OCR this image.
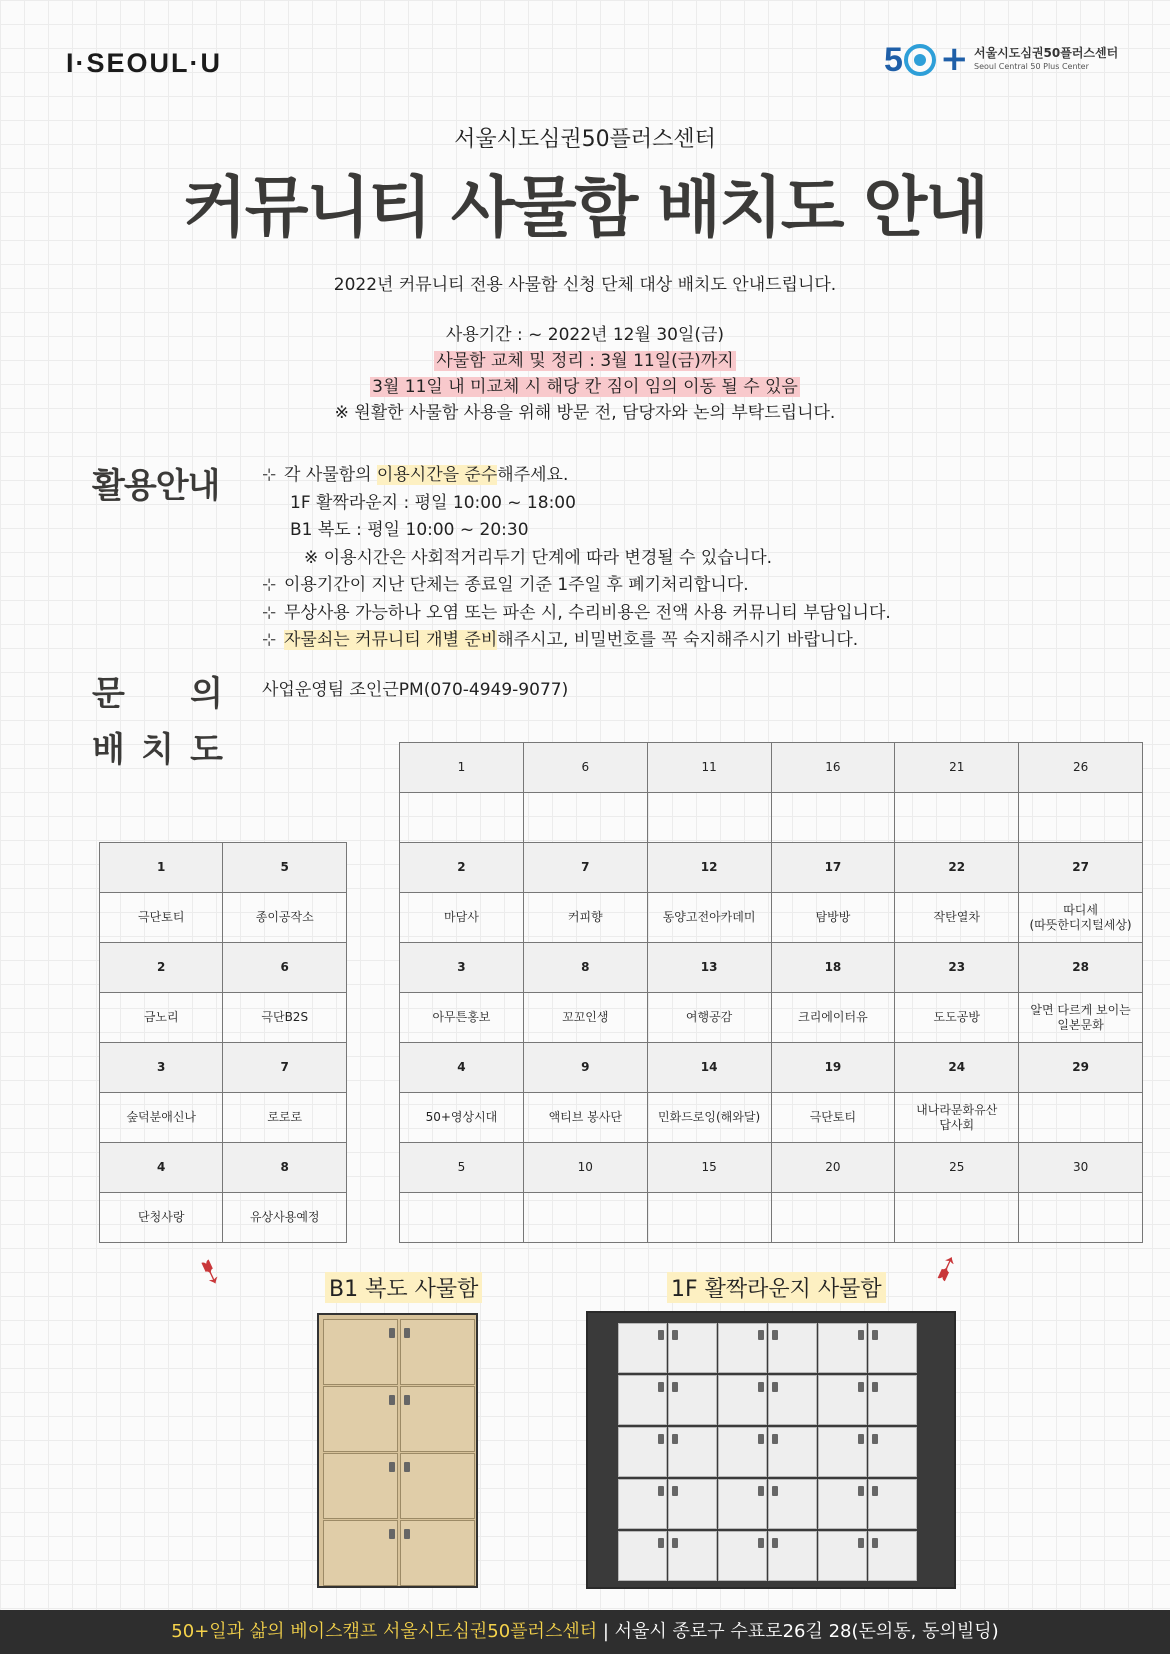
I·SEOUL·U	5 + 서울시도심권50플러스센터
Seoul Central 50 Plus Center
서울시도심권50플러스센터
커뮤니티 사물함 배치도 안내
2022년 커뮤니티 전용 사물함 신청 단체 대상 배치도 안내드립니다.
사용기간 : ~ 2022년 12월 30일(금)
사물함 교체 및 정리 : 3월 11일(금)까지
3월 11일 내 미교체 시 해당 칸 짐이 임의 이동 될 수 있음
※ 원활한 사물함 사용을 위해 방문 전, 담당자와 논의 부탁드립니다.
활용안내	⊹ 각 사물함의 이용시간을 준수해주세요.
1F 활짝라운지 : 평일 10:00 ~ 18:00
B1 복도 : 평일 10:00 ~ 20:30
※ 이용시간은 사회적거리두기 단계에 따라 변경될 수 있습니다.
⊹ 이용기간이 지난 단체는 종료일 기준 1주일 후 폐기처리합니다.
⊹ 무상사용 가능하나 오염 또는 파손 시, 수리비용은 전액 사용 커뮤니티 부담입니다.
⊹ 자물쇠는 커뮤니티 개별 준비해주시고, 비밀번호를 꼭 숙지해주시기 바랍니다.
문 의 사업운영팀 조인근PM(070-4949-9077)
배 치 도
1	5
극단토티	종이공작소
2	6
금노리	극단B2S
3	7
숲덕분애신나	로로로
4	8
단청사랑	유상사용예정
1	6	11	16	21	26

2	7	12	17	22	27
마담사	커피향	동양고전아카데미	탐방방	작탄열차	따디세
(따뜻한디지털세상)
3	8	13	18	23	28
아무튼홍보	꼬꼬인생	여행공감	크리에이터유	도도공방	알면 다르게 보이는
일본문화
4	9	14	19	24	29
50+영상시대	액티브 봉사단	민화드로잉(해와달)	극단토티	내나라문화유산
답사회	
5	10	15	20	25	30

➷	➹
B1 복도 사물함	1F 활짝라운지 사물함
50+일과 삶의 베이스캠프 서울시도심권50플러스센터 | 서울시 종로구 수표로26길 28(돈의동, 동의빌딩)
